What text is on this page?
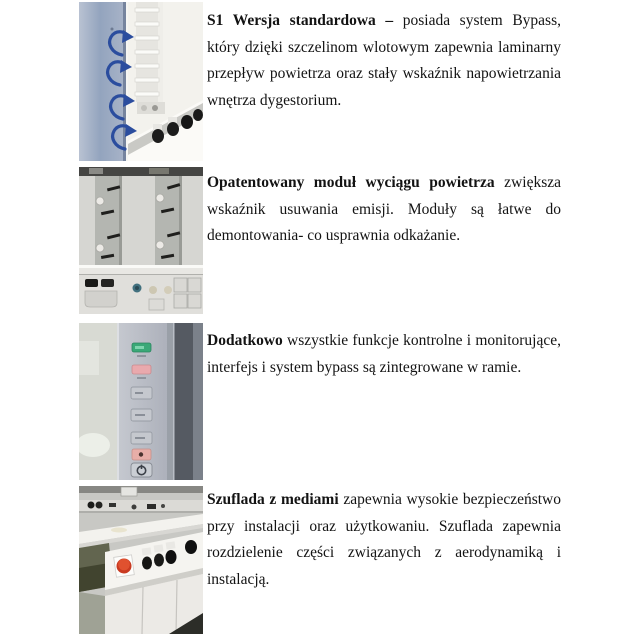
S1 Wersja standardowa – posiada system Bypass, który dzięki szczelinom wlotowym zapewnia laminarny przepływ powietrza oraz stały wskaźnik napowietrzania wnętrza dygestorium.

Opatentowany moduł wyciągu powietrza zwiększa wskaźnik usuwania emisji. Moduły są łatwe do demontowania- co usprawnia odkażanie.

Dodatkowo wszystkie funkcje kontrolne i monitorujące, interfejs i system bypass są zintegrowane w ramie.

Szuflada z mediami zapewnia wysokie bezpieczeństwo przy instalacji oraz użytkowaniu. Szuflada zapewnia rozdzielenie części związanych z aerodynamiką i instalacją.
